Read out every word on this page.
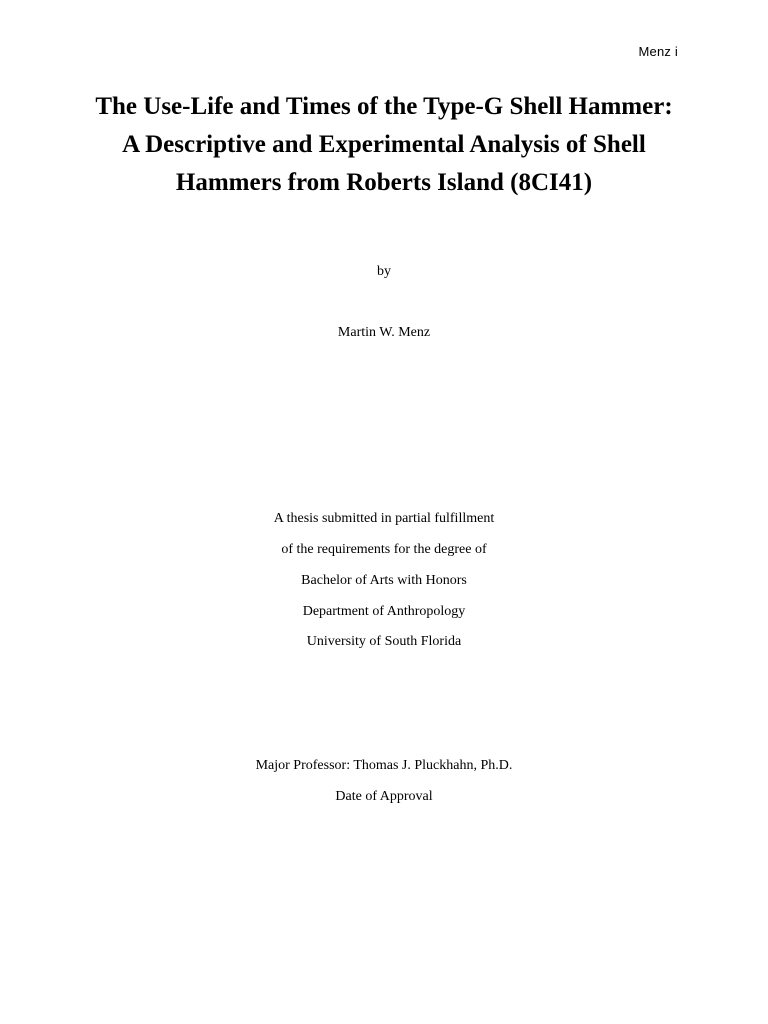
Menz i
The Use-Life and Times of the Type-G Shell Hammer:
A Descriptive and Experimental Analysis of Shell
Hammers from Roberts Island (8CI41)
by
Martin W. Menz
A thesis submitted in partial fulfillment
of the requirements for the degree of
Bachelor of Arts with Honors
Department of Anthropology
University of South Florida
Major Professor: Thomas J. Pluckhahn, Ph.D.
Date of Approval
